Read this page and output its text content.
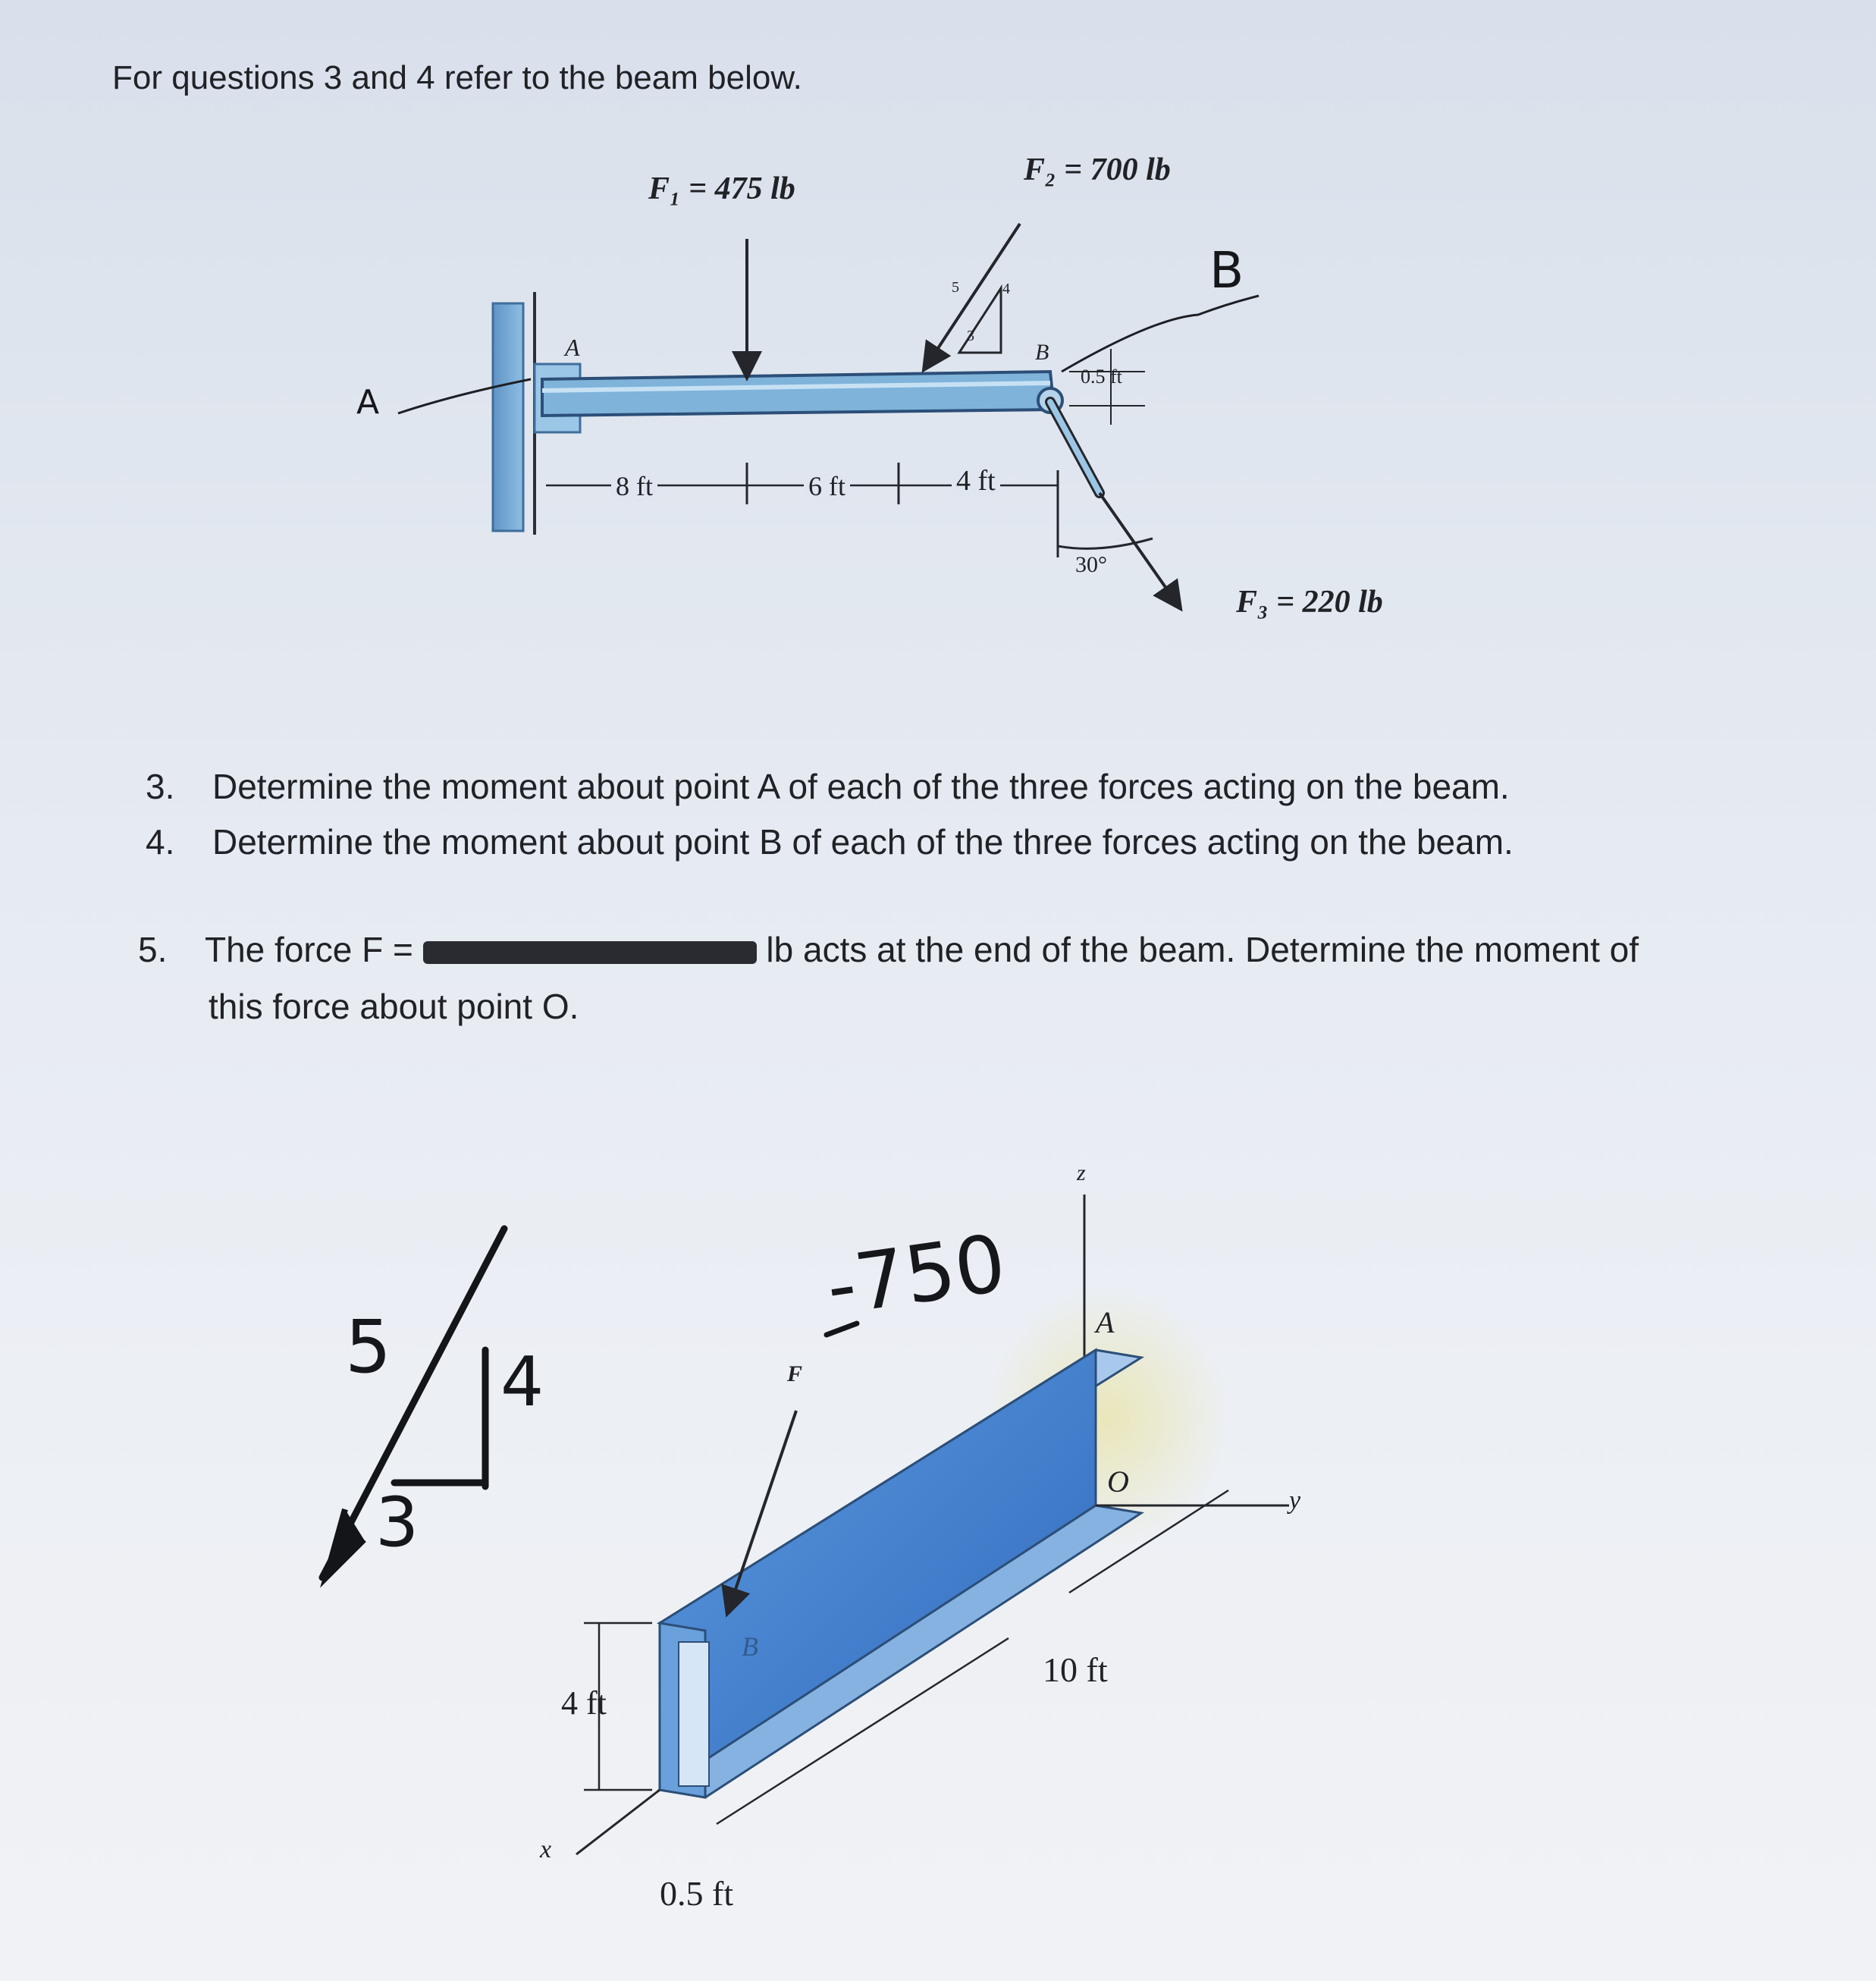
For questions 3 and 4 refer to the beam below.
F₁ = 475 lb
F₂ = 700 lb
F₃ = 220 lb
A	B
5	4
3
0.5 ft
8 ft	6 ft	4 ft
30°
B
A
3. Determine the moment about point A of each of the three forces acting on the beam.
4. Determine the moment about point B of each of the three forces acting on the beam.
5. The force F =	lb acts at the end of the beam. Determine the moment of
this force about point O.
-750
5 4
3
F
A
O
B
y
x
z
4 ft
10 ft
0.5 ft
